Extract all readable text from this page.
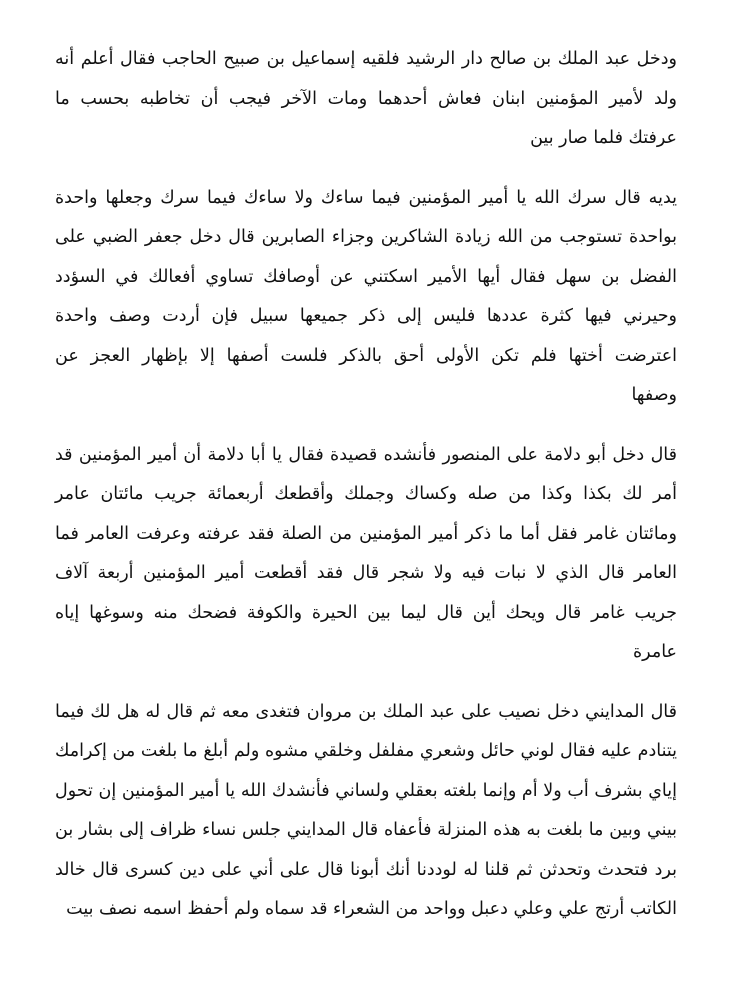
ودخل عبد الملك بن صالح دار الرشيد فلقيه إسماعيل بن صبيح الحاجب فقال أعلم أنه
ولد لأمير المؤمنين ابنان فعاش أحدهما ومات الآخر فيجب أن تخاطبه بحسب ما
عرفتك فلما صار بين
يديه قال سرك الله يا أمير المؤمنين فيما ساءك ولا ساءك فيما سرك وجعلها واحدة
بواحدة تستوجب من الله زيادة الشاكرين وجزاء الصابرين قال دخل جعفر الضبي على
الفضل بن سهل فقال أيها الأمير اسكتني عن أوصافك تساوي أفعالك في السؤدد
وحيرني فيها كثرة عددها فليس إلى ذكر جميعها سبيل فإن أردت وصف واحدة
اعترضت أختها فلم تكن الأولى أحق بالذكر فلست أصفها إلا بإظهار العجز عن
وصفها
قال دخل أبو دلامة على المنصور فأنشده قصيدة فقال يا أبا دلامة أن أمير المؤمنين قد
أمر لك بكذا وكذا من صله وكساك وجملك وأقطعك أربعمائة جريب مائتان عامر
ومائتان غامر فقل أما ما ذكر أمير المؤمنين من الصلة فقد عرفته وعرفت العامر فما
العامر قال الذي لا نبات فيه ولا شجر قال فقد أقطعت أمير المؤمنين أربعة آلاف
جريب غامر قال ويحك أين قال ليما بين الحيرة والكوفة فضحك منه وسوغها إياه
عامرة
قال المدايني دخل نصيب على عبد الملك بن مروان فتغدى معه ثم قال له هل لك فيما
يتنادم عليه فقال لوني حائل وشعري مفلفل وخلقي مشوه ولم أبلغ ما بلغت من إكرامك
إياي بشرف أب ولا أم وإنما بلغته بعقلي ولساني فأنشدك الله يا أمير المؤمنين إن تحول
بيني وبين ما بلغت به هذه المنزلة فأعفاه قال المدايني جلس نساء ظراف إلى بشار بن
برد فتحدث وتحدثن ثم قلنا له لوددنا أنك أبونا قال على أني على دين كسرى قال خالد
الكاتب أرتج علي وعلي دعبل وواحد من الشعراء قد سماه ولم أحفظ اسمه نصف بيت
